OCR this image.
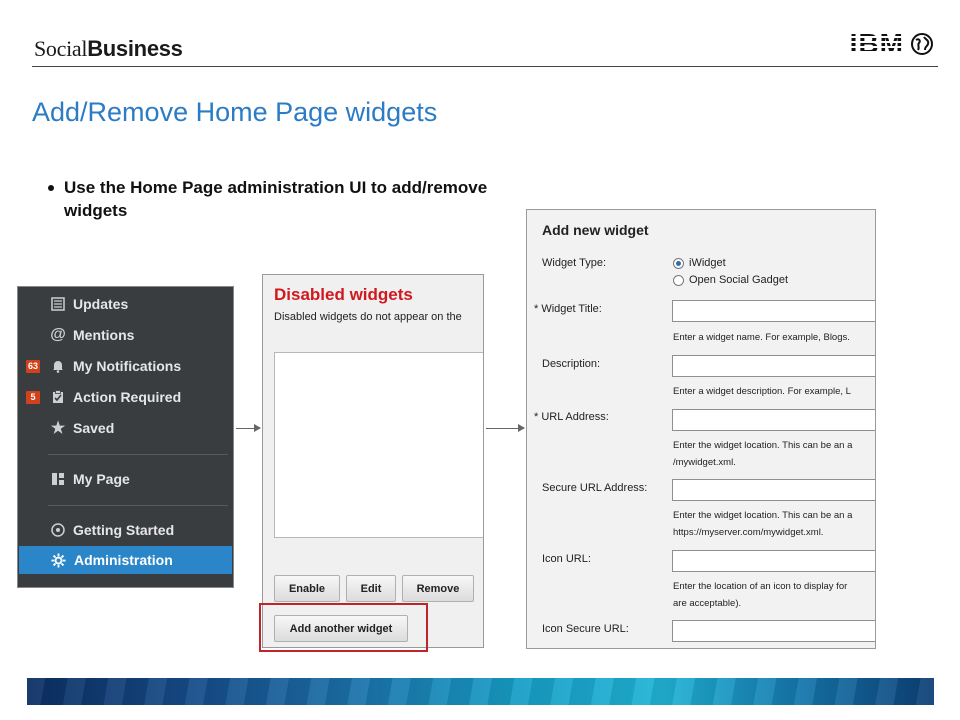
SocialBusiness	IBM
Add/Remove Home Page widgets
Use the Home Page administration UI to add/remove widgets
Updates
@ Mentions
63 My Notifications
5	Action Required
★ Saved
My Page
Getting Started
Administration
Disabled widgets
Disabled widgets do not appear on the
Enable	Edit	Remove
Add another widget
Add new widget
Widget Type:	iWidget
Open Social Gadget
* Widget Title:
Enter a widget name. For example, Blogs.
Description:
Enter a widget description. For example, L
* URL Address:
Enter the widget location. This can be an a
/mywidget.xml.
Secure URL Address:
Enter the widget location. This can be an a
https://myserver.com/mywidget.xml.
Icon URL:
Enter the location of an icon to display for
are acceptable).
Icon Secure URL:
